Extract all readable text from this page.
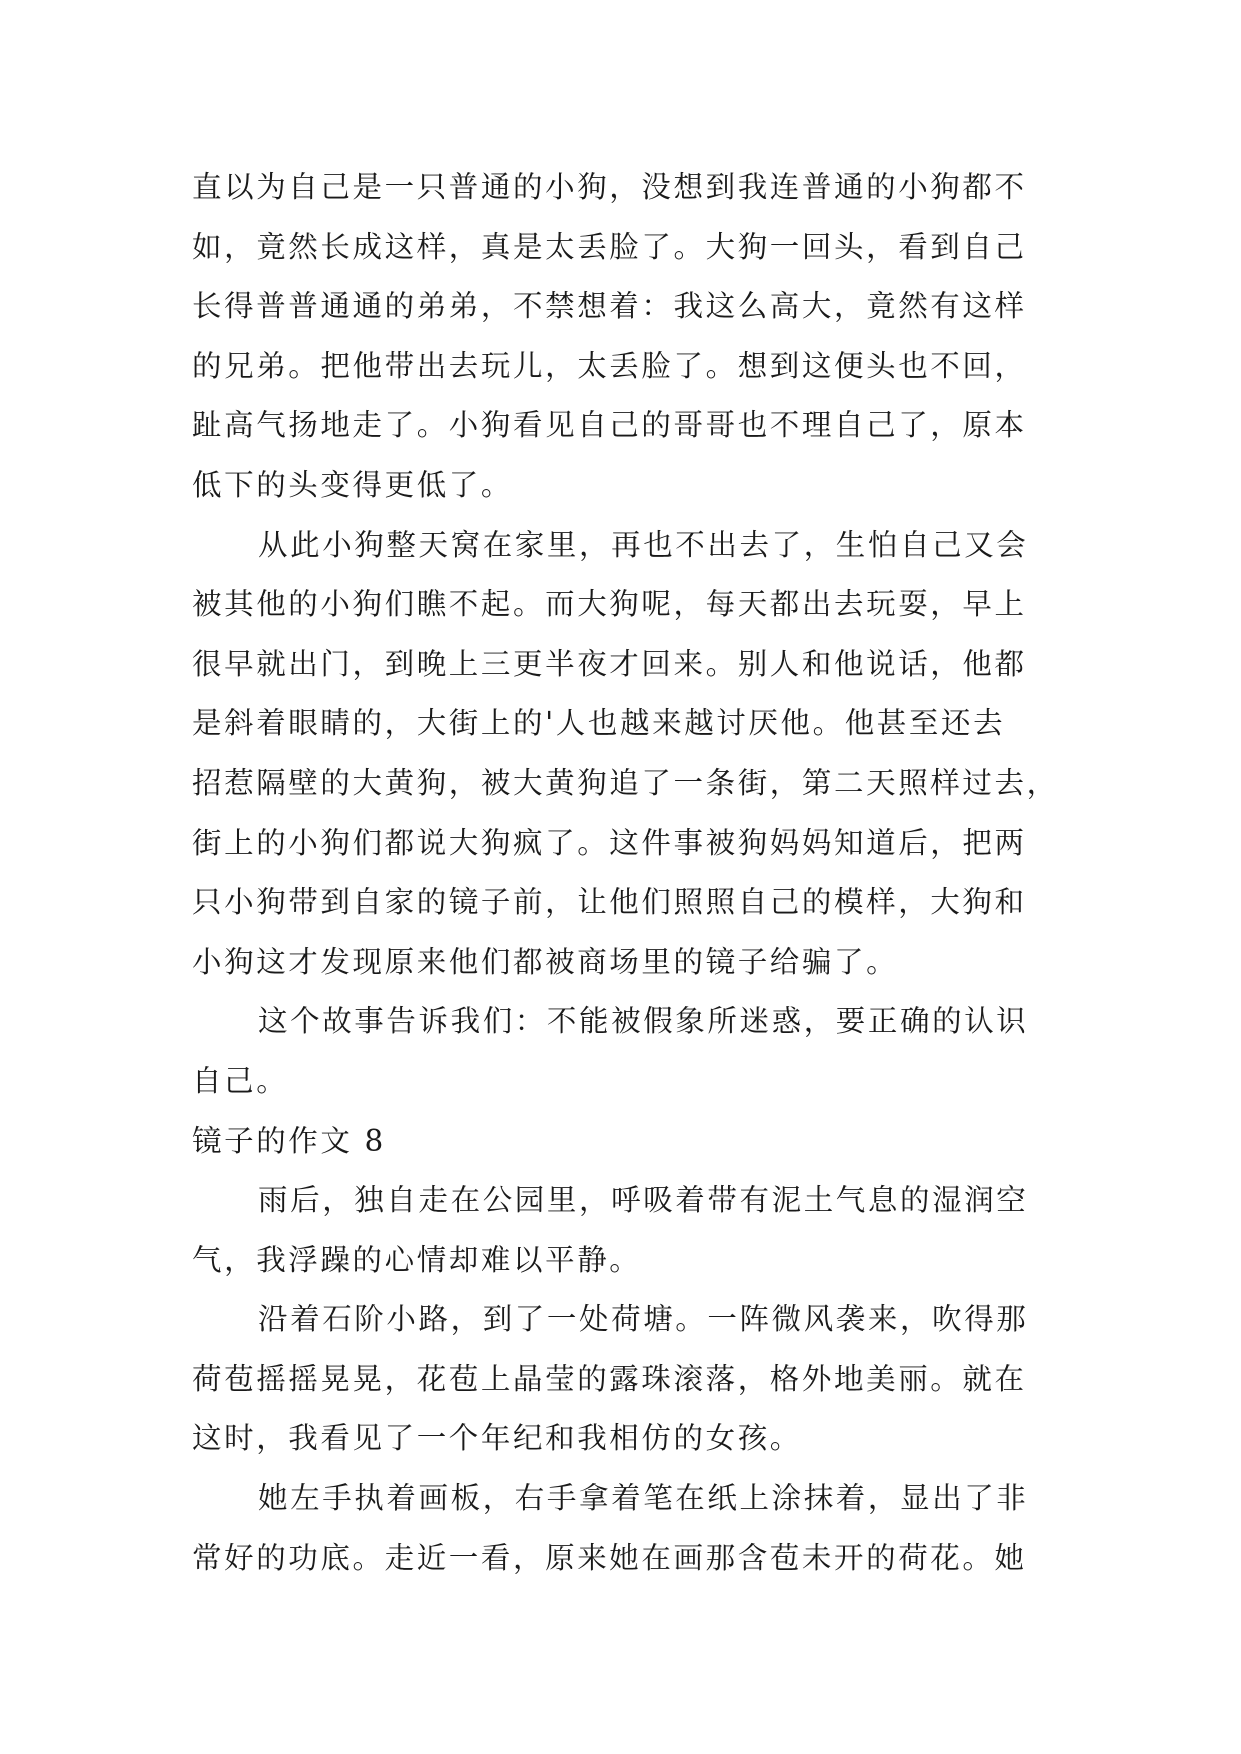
直以为自己是一只普通的小狗，没想到我连普通的小狗都不
如，竟然长成这样，真是太丢脸了。大狗一回头，看到自己
长得普普通通的弟弟，不禁想着：我这么高大，竟然有这样
的兄弟。把他带出去玩儿，太丢脸了。想到这便头也不回，
趾高气扬地走了。小狗看见自己的哥哥也不理自己了，原本
低下的头变得更低了。
从此小狗整天窝在家里，再也不出去了，生怕自己又会
被其他的小狗们瞧不起。而大狗呢，每天都出去玩耍，早上
很早就出门，到晚上三更半夜才回来。别人和他说话，他都
是斜着眼睛的，大街上的'人也越来越讨厌他。他甚至还去
招惹隔壁的大黄狗，被大黄狗追了一条街，第二天照样过去，
街上的小狗们都说大狗疯了。这件事被狗妈妈知道后，把两
只小狗带到自家的镜子前，让他们照照自己的模样，大狗和
小狗这才发现原来他们都被商场里的镜子给骗了。
这个故事告诉我们：不能被假象所迷惑，要正确的认识
自己。
镜子的作文 8
雨后，独自走在公园里，呼吸着带有泥土气息的湿润空
气，我浮躁的心情却难以平静。
沿着石阶小路，到了一处荷塘。一阵微风袭来，吹得那
荷苞摇摇晃晃，花苞上晶莹的露珠滚落，格外地美丽。就在
这时，我看见了一个年纪和我相仿的女孩。
她左手执着画板，右手拿着笔在纸上涂抹着，显出了非
常好的功底。走近一看，原来她在画那含苞未开的荷花。她
